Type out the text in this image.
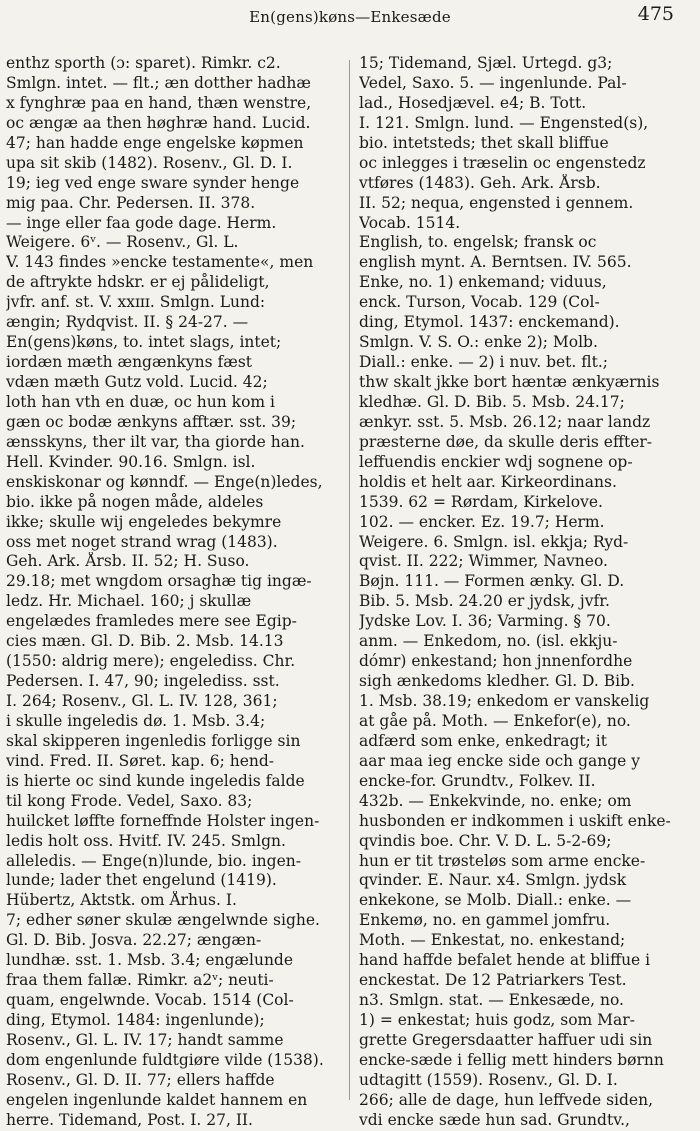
En(gens)køns—Enkesæde	475
enthz sporth (ɔ: sparet). Rimkr. c2.
Smlgn. intet. — flt.; æn dotther hadhæ
x fynghræ paa en hand, thæn wenstre,
oc ængæ aa then høghræ hand. Lucid.
47; han hadde enge engelske køpmen
upa sit skib (1482). Rosenv., Gl. D. I.
19; ieg ved enge sware synder henge
mig paa. Chr. Pedersen. II. 378.
— inge eller faa gode dage. Herm.
Weigere. 6ᵛ. — Rosenv., Gl. L.
V. 143 findes »encke testamente«, men
de aftrykte hdskr. er ej pålideligt,
jvfr. anf. st. V. xxɪɪɪ. Smlgn. Lund:
ængin; Rydqvist. II. § 24-27. —
En(gens)køns, to. intet slags, intet;
iordæn mæth ængænkyns fæst
vdæn mæth Gutz vold. Lucid. 42;
loth han vth en duæ, oc hun kom i
gæn oc bodæ ænkyns afftær. sst. 39;
ænsskyns, ther ilt var, tha giorde han.
Hell. Kvinder. 90.16. Smlgn. isl.
enskiskonar og kønndf. — Enge(n)ledes,
bio. ikke på nogen måde, aldeles
ikke; skulle wij engeledes bekymre
oss met noget strand wrag (1483).
Geh. Ark. Årsb. II. 52; H. Suso.
29.18; met wngdom orsaghæ tig ingæ-
ledz. Hr. Michael. 160; j skullæ
engelædes framledes mere see Egip-
cies mæn. Gl. D. Bib. 2. Msb. 14.13
(1550: aldrig mere); engelediss. Chr.
Pedersen. I. 47, 90; ingelediss. sst.
I. 264; Rosenv., Gl. L. IV. 128, 361;
i skulle ingeledis dø. 1. Msb. 3.4;
skal skipperen ingenledis forligge sin
vind. Fred. II. Søret. kap. 6; hend-
is hierte oc sind kunde ingeledis falde
til kong Frode. Vedel, Saxo. 83;
huilcket løffte forneffnde Holster ingen-
ledis holt oss. Hvitf. IV. 245. Smlgn.
alleledis. — Enge(n)lunde, bio. ingen-
lunde; lader thet engelund (1419).
Hübertz, Aktstk. om Århus. I.
7; edher søner skulæ ængelwnde sighe.
Gl. D. Bib. Josva. 22.27; ængæn-
lundhæ. sst. 1. Msb. 3.4; engælunde
fraa them fallæ. Rimkr. a2ᵛ; neuti-
quam, engelwnde. Vocab. 1514 (Col-
ding, Etymol. 1484: ingenlunde);
Rosenv., Gl. L. IV. 17; handt samme
dom engenlunde fuldtgiøre vilde (1538).
Rosenv., Gl. D. II. 77; ellers haffde
engelen ingenlunde kaldet hannem en
herre. Tidemand, Post. I. 27, II.
15; Tidemand, Sjæl. Urtegd. g3;
Vedel, Saxo. 5. — ingenlunde. Pal-
lad., Hosedjævel. e4; B. Tott.
I. 121. Smlgn. lund. — Engensted(s),
bio. intetsteds; thet skall bliffue
oc inlegges i træselin oc engenstedz
vtføres (1483). Geh. Ark. Årsb.
II. 52; nequa, engensted i gennem.
Vocab. 1514.
English, to. engelsk; fransk oc
english mynt. A. Berntsen. IV. 565.
Enke, no. 1) enkemand; viduus,
enck. Turson, Vocab. 129 (Col-
ding, Etymol. 1437: enckemand).
Smlgn. V. S. O.: enke 2); Molb.
Diall.: enke. — 2) i nuv. bet. flt.;
thw skalt jkke bort hæntæ ænkyærnis
kledhæ. Gl. D. Bib. 5. Msb. 24.17;
ænkyr. sst. 5. Msb. 26.12; naar landz
præsterne døe, da skulle deris effter-
leffuendis enckier wdj sognene op-
holdis et helt aar. Kirkeordinans.
1539. 62 = Rørdam, Kirkelove.
102. — encker. Ez. 19.7; Herm.
Weigere. 6. Smlgn. isl. ekkja; Ryd-
qvist. II. 222; Wimmer, Navneo.
Bøjn. 111. — Formen ænky. Gl. D.
Bib. 5. Msb. 24.20 er jydsk, jvfr.
Jydske Lov. I. 36; Varming. § 70.
anm. — Enkedom, no. (isl. ekkju-
dómr) enkestand; hon jnnenfordhe
sigh ænkedoms kledher. Gl. D. Bib.
1. Msb. 38.19; enkedom er vanskelig
at gåe på. Moth. — Enkefor(e), no.
adfærd som enke, enkedragt; it
aar maa ieg encke side och gange y
encke-for. Grundtv., Folkev. II.
432b. — Enkekvinde, no. enke; om
husbonden er indkommen i uskift enke-
qvindis boe. Chr. V. D. L. 5-2-69;
hun er tit trøsteløs som arme encke-
qvinder. E. Naur. x4. Smlgn. jydsk
enkekone, se Molb. Diall.: enke. —
Enkemø, no. en gammel jomfru.
Moth. — Enkestat, no. enkestand;
hand haffde befalet hende at bliffue i
enckestat. De 12 Patriarkers Test.
n3. Smlgn. stat. — Enkesæde, no.
1) = enkestat; huis godz, som Mar-
grette Gregersdaatter haffuer udi sin
encke-sæde i fellig mett hinders børnn
udtagitt (1559). Rosenv., Gl. D. I.
266; alle de dage, hun leffvede siden,
vdi encke sæde hun sad. Grundtv.,
